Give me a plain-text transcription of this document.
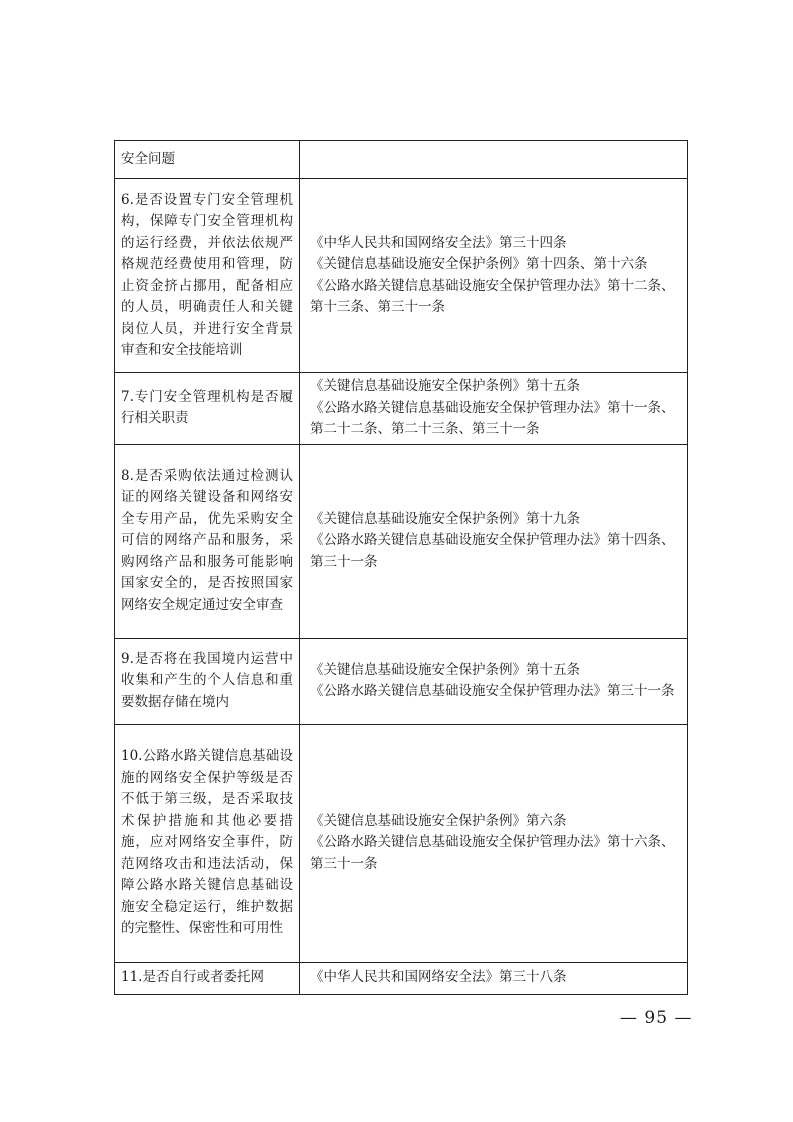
安全问题	
6.是否设置专门安全管理机构，保障专门安全管理机构的运行经费，并依法依规严格规范经费使用和管理，防止资金挤占挪用，配备相应的人员，明确责任人和关键岗位人员，并进行安全背景审查和安全技能培训	《中华人民共和国网络安全法》第三十四条
《关键信息基础设施安全保护条例》第十四条、第十六条
《公路水路关键信息基础设施安全保护管理办法》第十二条、第十三条、第三十一条

7.专门安全管理机构是否履行相关职责	《关键信息基础设施安全保护条例》第十五条
《公路水路关键信息基础设施安全保护管理办法》第十一条、第二十二条、第二十三条、第三十一条

8.是否采购依法通过检测认证的网络关键设备和网络安全专用产品，优先采购安全可信的网络产品和服务，采购网络产品和服务可能影响国家安全的，是否按照国家网络安全规定通过安全审查	《关键信息基础设施安全保护条例》第十九条
《公路水路关键信息基础设施安全保护管理办法》第十四条、第三十一条

9.是否将在我国境内运营中收集和产生的个人信息和重要数据存储在境内	《关键信息基础设施安全保护条例》第十五条
《公路水路关键信息基础设施安全保护管理办法》第三十一条

10.公路水路关键信息基础设施的网络安全保护等级是否不低于第三级，是否采取技术保护措施和其他必要措施，应对网络安全事件，防范网络攻击和违法活动，保障公路水路关键信息基础设施安全稳定运行，维护数据的完整性、保密性和可用性	《关键信息基础设施安全保护条例》第六条
《公路水路关键信息基础设施安全保护管理办法》第十六条、第三十一条

11.是否自行或者委托网	《中华人民共和国网络安全法》第三十八条
— 95 —
